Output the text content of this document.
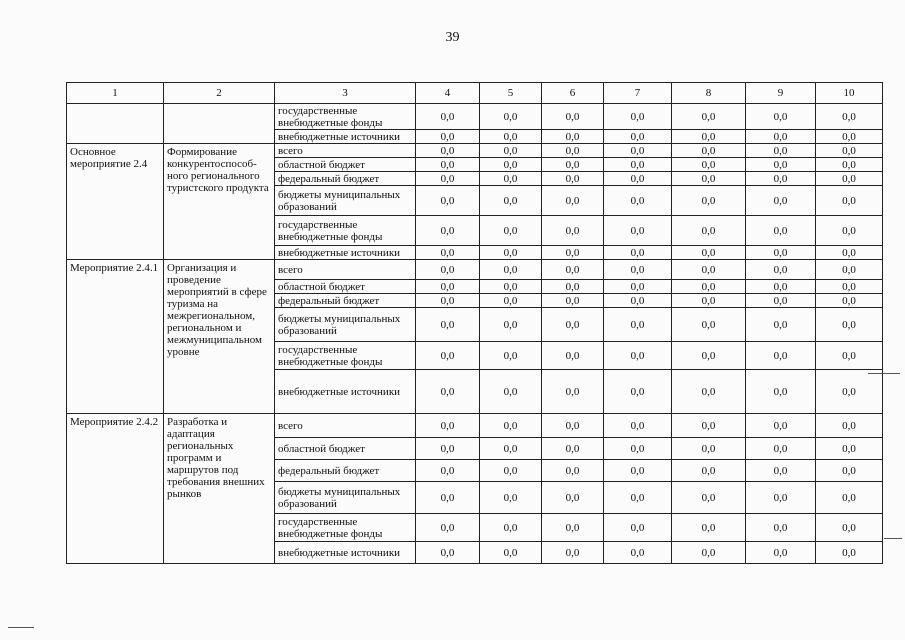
39
1	2	3	4	5	6	7	8	9	10
		государственные внебюджетные фонды	0,0	0,0	0,0	0,0	0,0	0,0	0,0
		внебюджетные источники	0,0	0,0	0,0	0,0	0,0	0,0	0,0
Основное мероприятие 2.4	Формирование конкурентоспособ-ного регионального туристского продукта	всего	0,0	0,0	0,0	0,0	0,0	0,0	0,0
		областной бюджет	0,0	0,0	0,0	0,0	0,0	0,0	0,0
		федеральный бюджет	0,0	0,0	0,0	0,0	0,0	0,0	0,0
		бюджеты муниципальных образований	0,0	0,0	0,0	0,0	0,0	0,0	0,0
		государственные внебюджетные фонды	0,0	0,0	0,0	0,0	0,0	0,0	0,0
		внебюджетные источники	0,0	0,0	0,0	0,0	0,0	0,0	0,0
Мероприятие 2.4.1	Организация и проведение мероприятий в сфере туризма на межрегиональном, региональном и межмуниципальном уровне	всего	0,0	0,0	0,0	0,0	0,0	0,0	0,0
		областной бюджет	0,0	0,0	0,0	0,0	0,0	0,0	0,0
		федеральный бюджет	0,0	0,0	0,0	0,0	0,0	0,0	0,0
		бюджеты муниципальных образований	0,0	0,0	0,0	0,0	0,0	0,0	0,0
		государственные внебюджетные фонды	0,0	0,0	0,0	0,0	0,0	0,0	0,0
		внебюджетные источники	0,0	0,0	0,0	0,0	0,0	0,0	0,0
Мероприятие 2.4.2	Разработка и адаптация региональных программ и маршрутов под требования внешних рынков	всего	0,0	0,0	0,0	0,0	0,0	0,0	0,0
		областной бюджет	0,0	0,0	0,0	0,0	0,0	0,0	0,0
		федеральный бюджет	0,0	0,0	0,0	0,0	0,0	0,0	0,0
		бюджеты муниципальных образований	0,0	0,0	0,0	0,0	0,0	0,0	0,0
		государственные внебюджетные фонды	0,0	0,0	0,0	0,0	0,0	0,0	0,0
		внебюджетные источники	0,0	0,0	0,0	0,0	0,0	0,0	0,0
